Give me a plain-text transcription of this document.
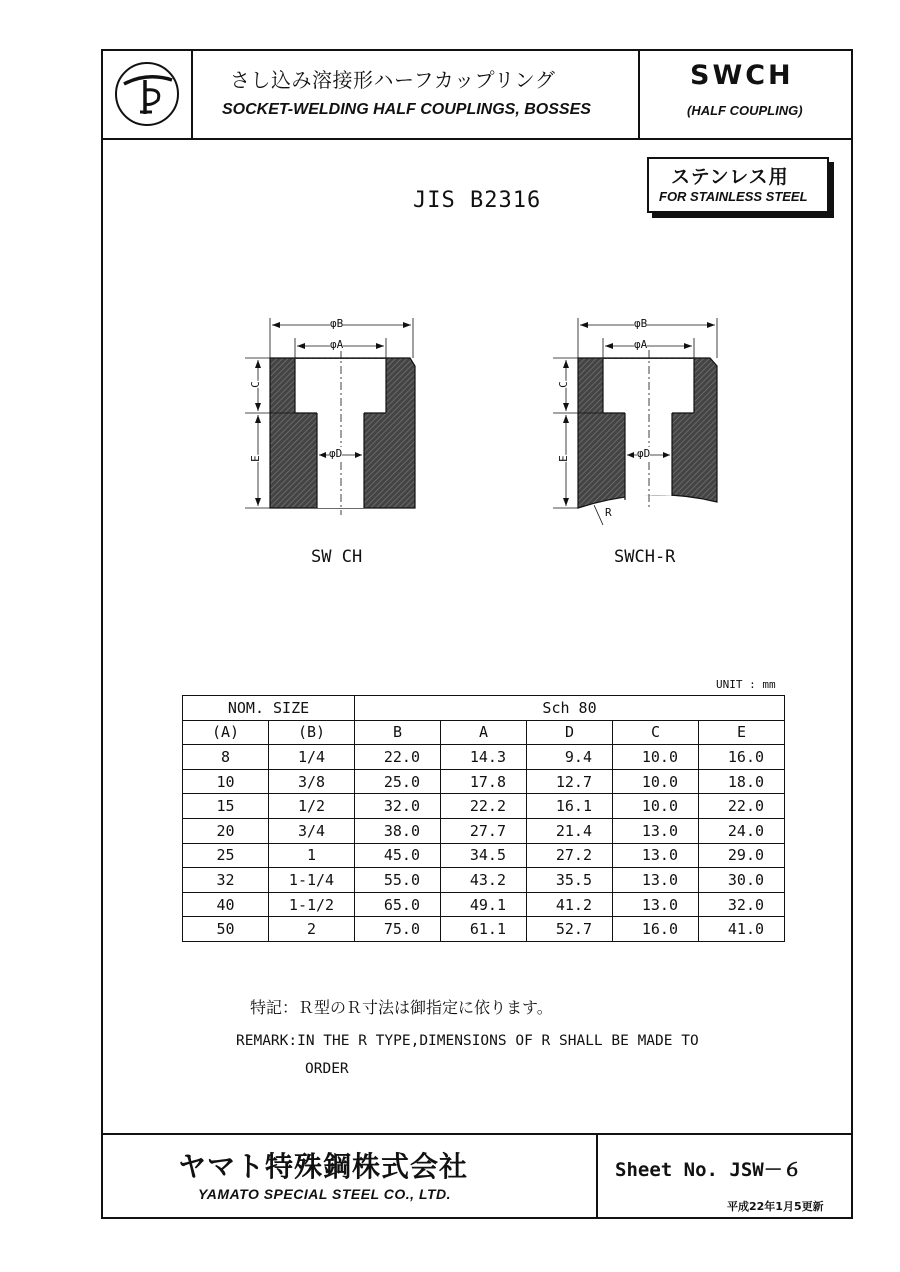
さし込み溶接形ハーフカップリング
SOCKET-WELDING HALF COUPLINGS, BOSSES
SWCH
(HALF COUPLING)
ステンレス用
FOR STAINLESS STEEL
JIS B2316
φB
φA
φD
C
E
SW CH
φB
φA
φD
C
E
R
SWCH-R
UNIT : mm
NOM. SIZE		Sch 80				
(A)	(B)	B	A	D	C	E
8	1/4	22.0	14.3	9.4	10.0	16.0
10	3/8	25.0	17.8	12.7	10.0	18.0
15	1/2	32.0	22.2	16.1	10.0	22.0
20	3/4	38.0	27.7	21.4	13.0	24.0
25	1	45.0	34.5	27.2	13.0	29.0
32	1-1/4	55.0	43.2	35.5	13.0	30.0
40	1-1/2	65.0	49.1	41.2	13.0	32.0
50	2	75.0	61.1	52.7	16.0	41.0
特記：Ｒ型のＲ寸法は御指定に依ります。
REMARK:IN THE R TYPE,DIMENSIONS OF R SHALL BE MADE TO
ORDER
ヤマト特殊鋼株式会社
YAMATO SPECIAL STEEL CO., LTD.
Sheet No. JSW－６
平成22年1月5更新
